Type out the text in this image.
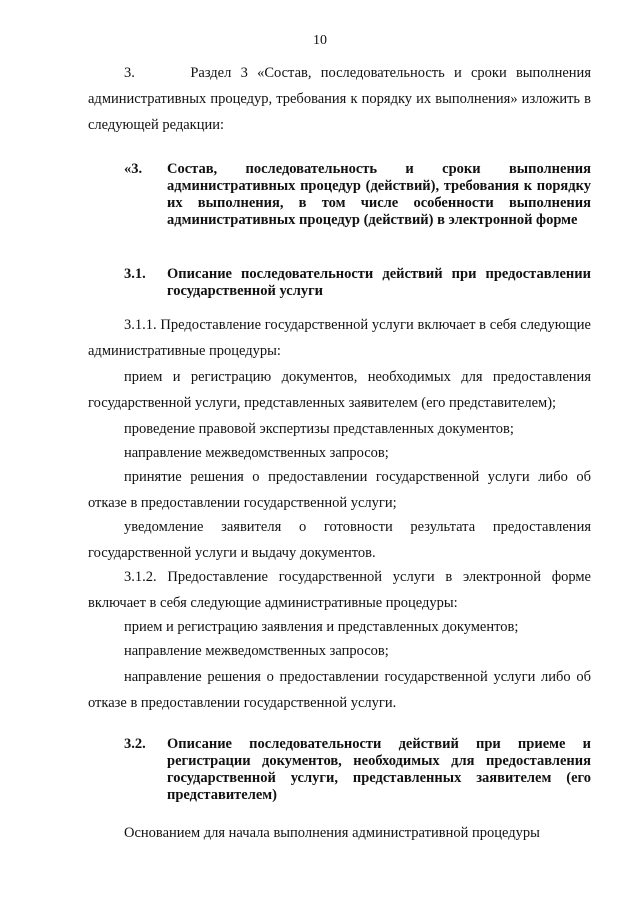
10
3.      Раздел 3 «Состав, последовательность и сроки выполнения административных процедур, требования к порядку их выполнения» изложить в следующей редакции:
«3. Состав, последовательность и сроки выполнения административных процедур (действий), требования к порядку их выполнения, в том числе особенности выполнения административных процедур (действий) в электронной форме
3.1. Описание последовательности действий при предоставлении государственной услуги
3.1.1. Предоставление государственной услуги включает в себя следующие административные процедуры:
прием и регистрацию документов, необходимых для предоставления государственной услуги, представленных заявителем (его представителем);
проведение правовой экспертизы представленных документов;
направление межведомственных запросов;
принятие решения о предоставлении государственной услуги либо об отказе в предоставлении государственной услуги;
уведомление заявителя о готовности результата предоставления государственной услуги и выдачу документов.
3.1.2. Предоставление государственной услуги в электронной форме включает в себя следующие административные процедуры:
прием и регистрацию заявления и представленных документов;
направление межведомственных запросов;
направление решения о предоставлении государственной услуги либо об отказе в предоставлении государственной услуги.
3.2. Описание последовательности действий при приеме и регистрации документов, необходимых для предоставления государственной услуги, представленных заявителем (его представителем)
Основанием для начала выполнения административной процедуры
